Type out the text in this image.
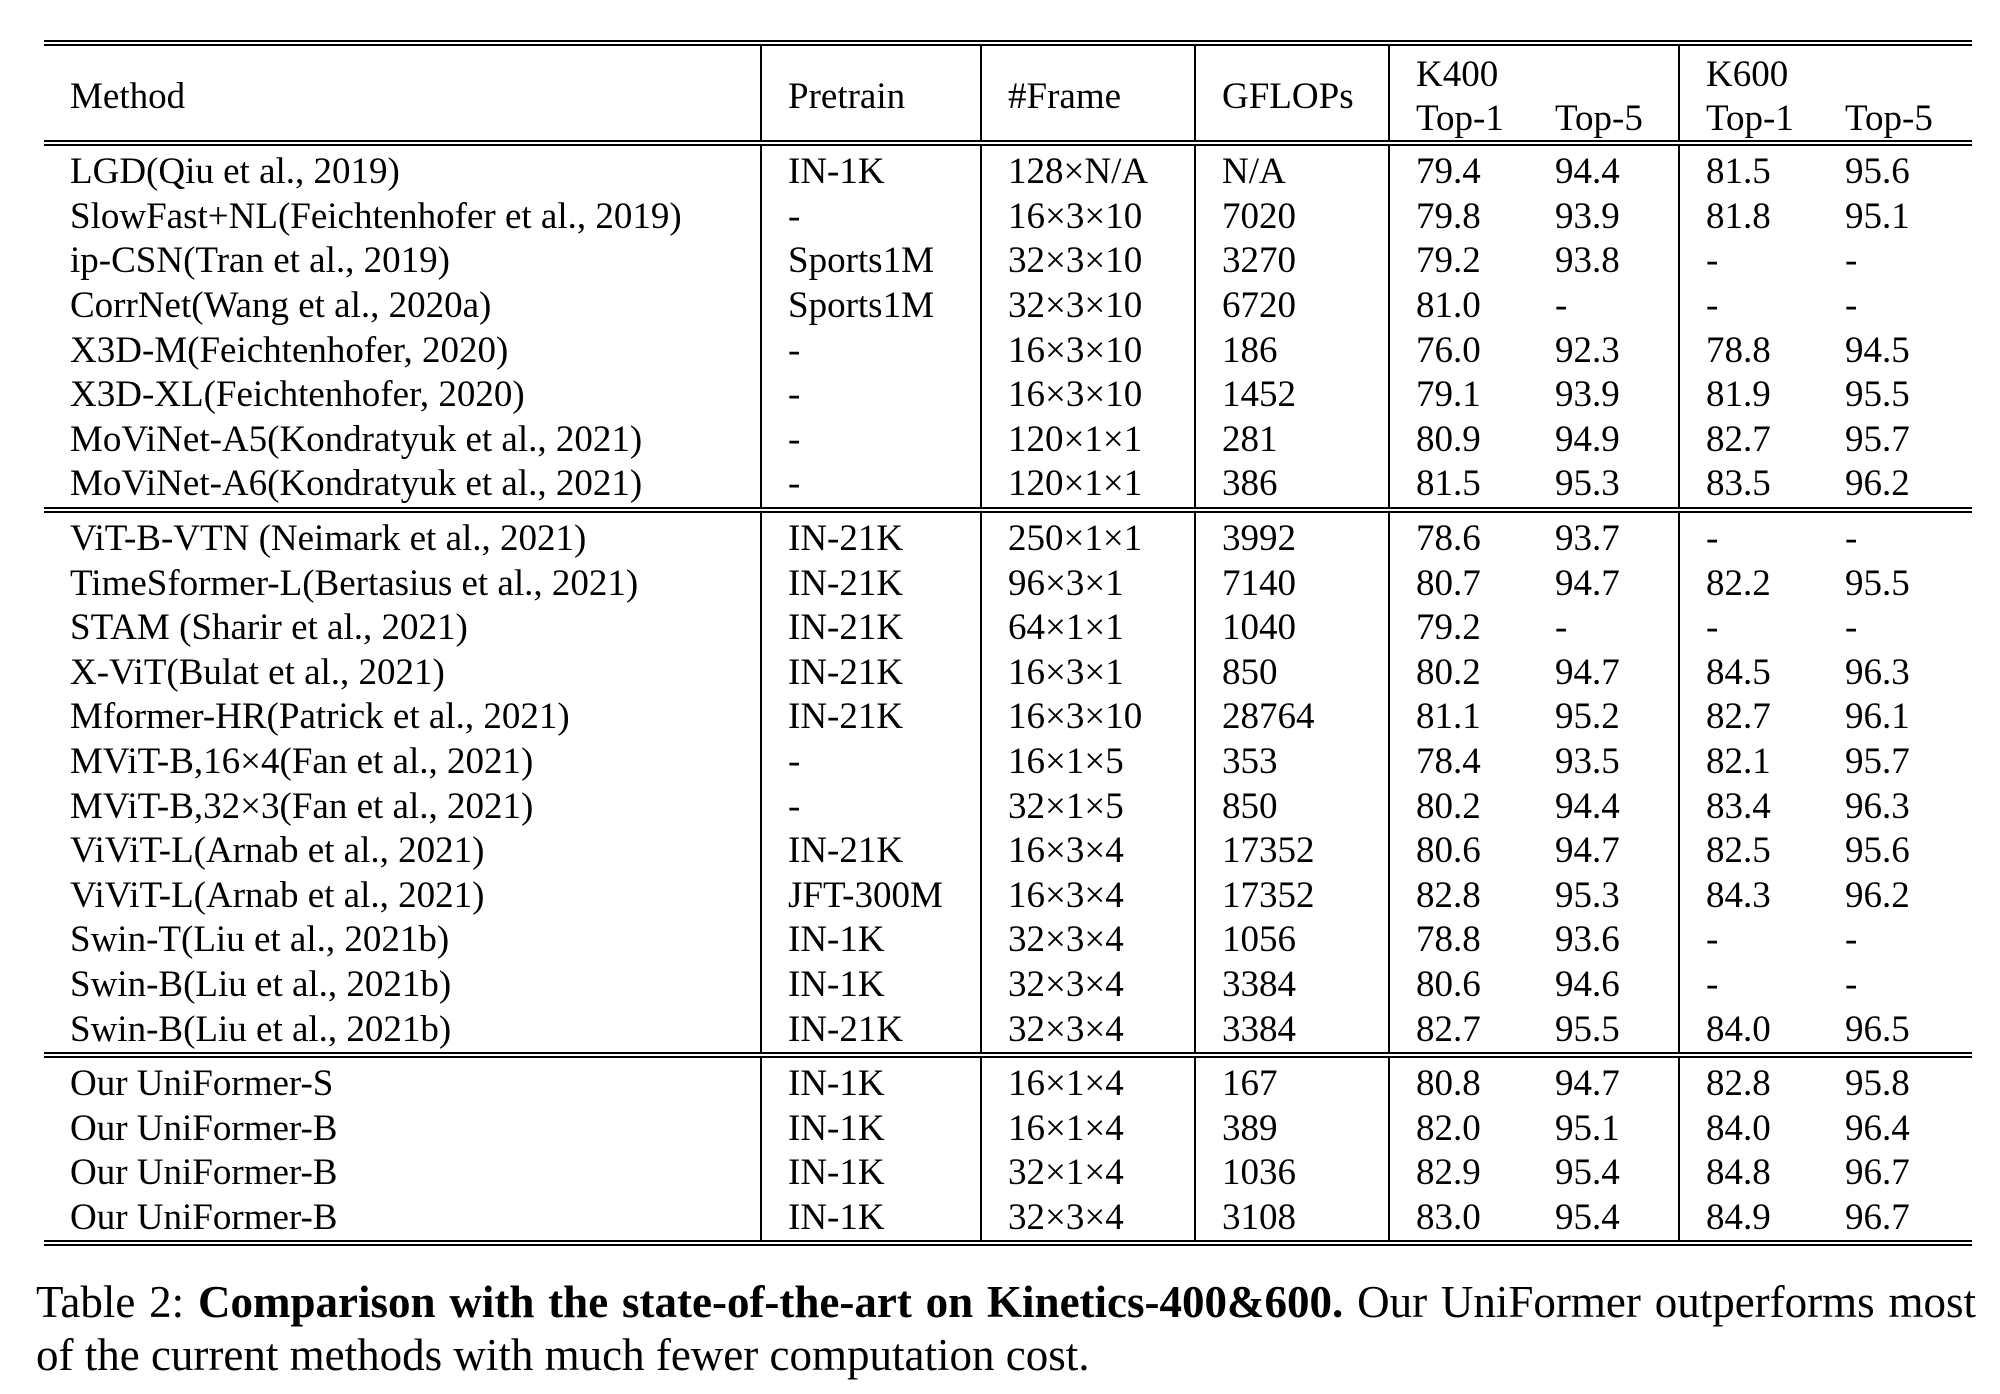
Method	Pretrain	#Frame	GFLOPs	K400		K600	
				Top-1	Top-5	Top-1	Top-5
LGD(Qiu et al., 2019)	IN-1K	128×N/A	N/A	79.4	94.4	81.5	95.6
SlowFast+NL(Feichtenhofer et al., 2019)	-	16×3×10	7020	79.8	93.9	81.8	95.1
ip-CSN(Tran et al., 2019)	Sports1M	32×3×10	3270	79.2	93.8	-	-
CorrNet(Wang et al., 2020a)	Sports1M	32×3×10	6720	81.0	-	-	-
X3D-M(Feichtenhofer, 2020)	-	16×3×10	186	76.0	92.3	78.8	94.5
X3D-XL(Feichtenhofer, 2020)	-	16×3×10	1452	79.1	93.9	81.9	95.5
MoViNet-A5(Kondratyuk et al., 2021)	-	120×1×1	281	80.9	94.9	82.7	95.7
MoViNet-A6(Kondratyuk et al., 2021)	-	120×1×1	386	81.5	95.3	83.5	96.2
ViT-B-VTN (Neimark et al., 2021)	IN-21K	250×1×1	3992	78.6	93.7	-	-
TimeSformer-L(Bertasius et al., 2021)	IN-21K	96×3×1	7140	80.7	94.7	82.2	95.5
STAM (Sharir et al., 2021)	IN-21K	64×1×1	1040	79.2	-	-	-
X-ViT(Bulat et al., 2021)	IN-21K	16×3×1	850	80.2	94.7	84.5	96.3
Mformer-HR(Patrick et al., 2021)	IN-21K	16×3×10	28764	81.1	95.2	82.7	96.1
MViT-B,16×4(Fan et al., 2021)	-	16×1×5	353	78.4	93.5	82.1	95.7
MViT-B,32×3(Fan et al., 2021)	-	32×1×5	850	80.2	94.4	83.4	96.3
ViViT-L(Arnab et al., 2021)	IN-21K	16×3×4	17352	80.6	94.7	82.5	95.6
ViViT-L(Arnab et al., 2021)	JFT-300M	16×3×4	17352	82.8	95.3	84.3	96.2
Swin-T(Liu et al., 2021b)	IN-1K	32×3×4	1056	78.8	93.6	-	-
Swin-B(Liu et al., 2021b)	IN-1K	32×3×4	3384	80.6	94.6	-	-
Swin-B(Liu et al., 2021b)	IN-21K	32×3×4	3384	82.7	95.5	84.0	96.5
Our UniFormer-S	IN-1K	16×1×4	167	80.8	94.7	82.8	95.8
Our UniFormer-B	IN-1K	16×1×4	389	82.0	95.1	84.0	96.4
Our UniFormer-B	IN-1K	32×1×4	1036	82.9	95.4	84.8	96.7
Our UniFormer-B	IN-1K	32×3×4	3108	83.0	95.4	84.9	96.7
Table 2: Comparison with the state-of-the-art on Kinetics-400&600. Our UniFormer outperforms most of the current methods with much fewer computation cost.
